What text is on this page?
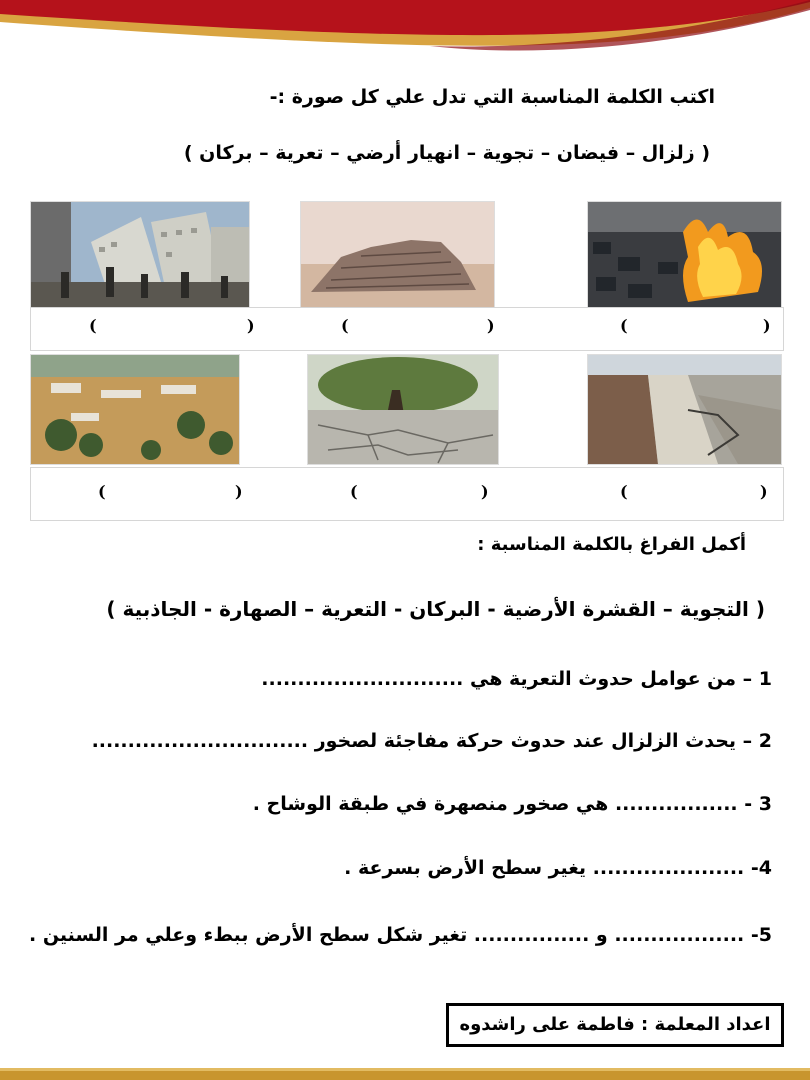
اكتب الكلمة المناسبة التي تدل علي كل صورة :-
( زلزال – فيضان – تجوية – انهيار أرضي – تعرية – بركان )
(	)	(	)	(	)
(	)	(	)	(	)
أكمل الفراغ بالكلمة المناسبة :
( التجوية – القشرة الأرضية - البركان - التعرية – الصهارة - الجاذبية )
1 – من عوامل حدوث التعرية هي ............................
2 – يحدث الزلزال عند حدوث حركة مفاجئة لصخور ..............................
3 - ................. هي صخور منصهرة في طبقة الوشاح .
4- ..................... يغير سطح الأرض بسرعة .
5- .................. و ................ تغير شكل سطح الأرض ببطء وعلي مر السنين .
اعداد المعلمة : فاطمة على راشدوه
